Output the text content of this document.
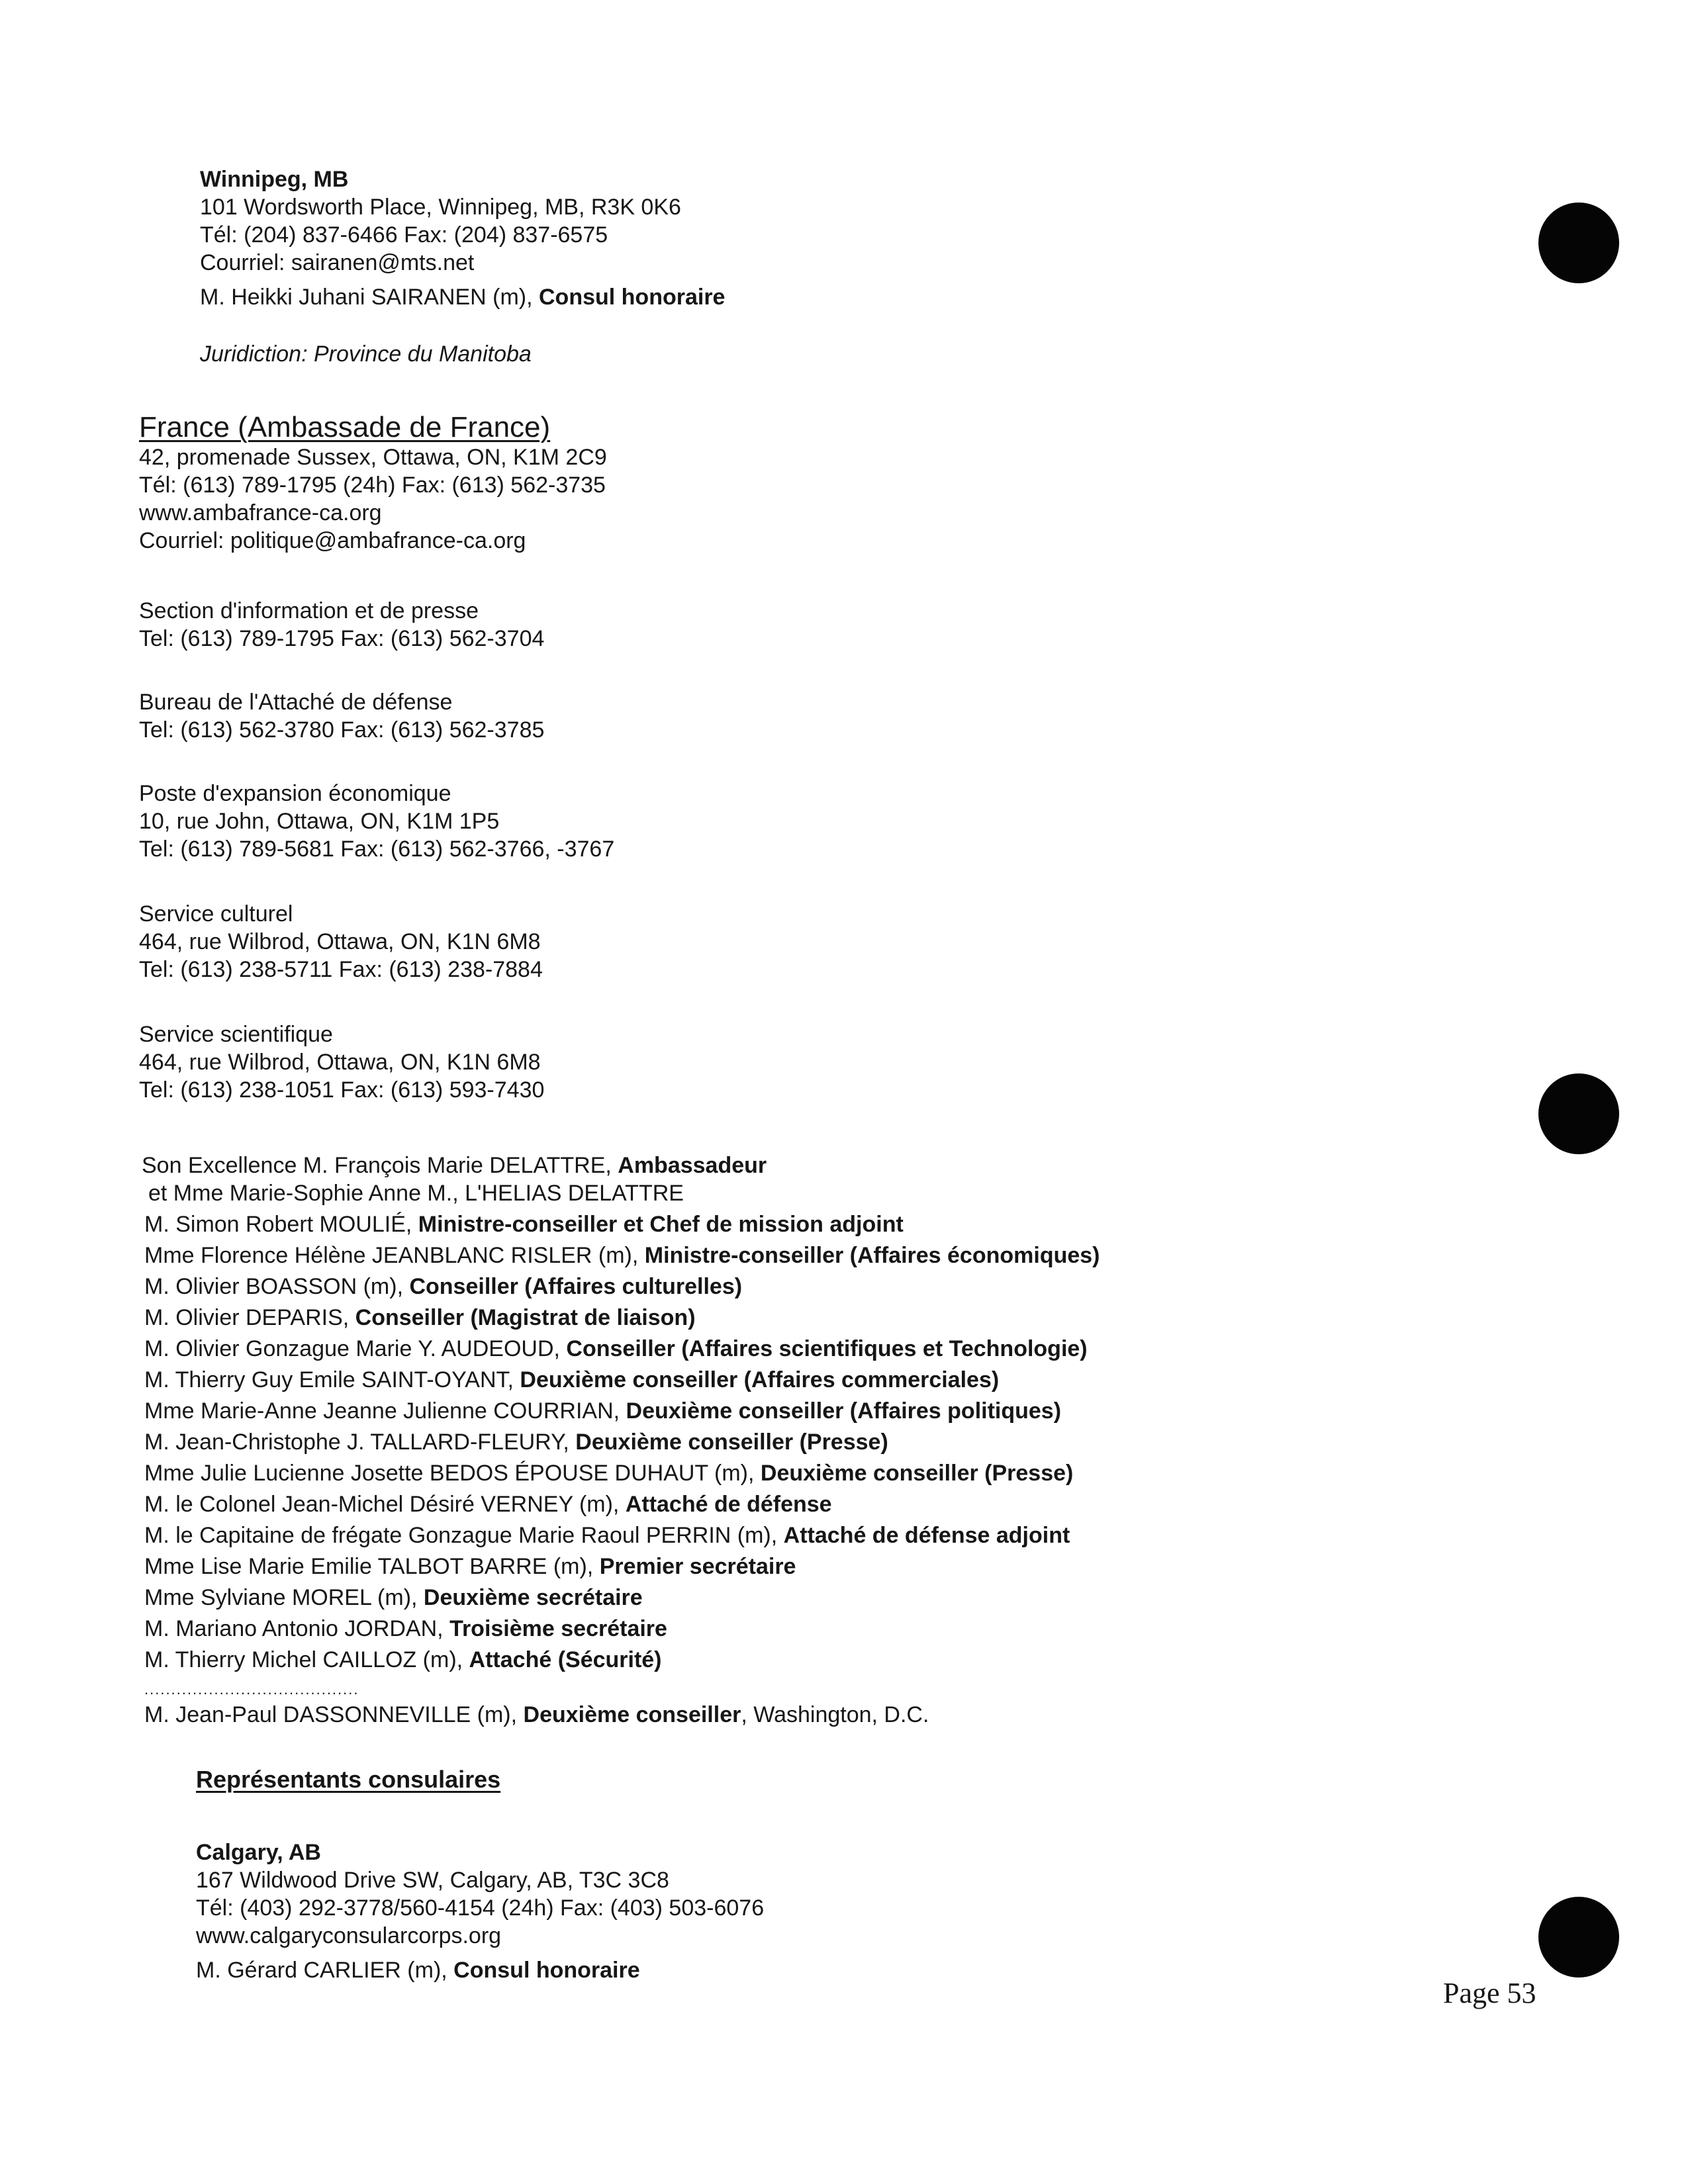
Winnipeg, MB
101 Wordsworth Place, Winnipeg, MB, R3K 0K6
Tél: (204) 837-6466 Fax: (204) 837-6575
Courriel: sairanen@mts.net
M. Heikki Juhani SAIRANEN (m), Consul honoraire
Juridiction: Province du Manitoba
France (Ambassade de France)
42, promenade Sussex, Ottawa, ON, K1M 2C9
Tél: (613) 789-1795 (24h) Fax: (613) 562-3735
www.ambafrance-ca.org
Courriel: politique@ambafrance-ca.org
Section d'information et de presse
Tel: (613) 789-1795 Fax: (613) 562-3704
Bureau de l'Attaché de défense
Tel: (613) 562-3780 Fax: (613) 562-3785
Poste d'expansion économique
10, rue John, Ottawa, ON, K1M 1P5
Tel: (613) 789-5681 Fax: (613) 562-3766, -3767
Service culturel
464, rue Wilbrod, Ottawa, ON, K1N 6M8
Tel: (613) 238-5711 Fax: (613) 238-7884
Service scientifique
464, rue Wilbrod, Ottawa, ON, K1N 6M8
Tel: (613) 238-1051 Fax: (613) 593-7430
Son Excellence M. François Marie DELATTRE, Ambassadeur
et Mme Marie-Sophie Anne M., L'HELIAS DELATTRE
M. Simon Robert MOULIÉ, Ministre-conseiller et Chef de mission adjoint
Mme Florence Hélène JEANBLANC RISLER (m), Ministre-conseiller (Affaires économiques)
M. Olivier BOASSON (m), Conseiller (Affaires culturelles)
M. Olivier DEPARIS, Conseiller (Magistrat de liaison)
M. Olivier Gonzague Marie Y. AUDEOUD, Conseiller (Affaires scientifiques et Technologie)
M. Thierry Guy Emile SAINT-OYANT, Deuxième conseiller (Affaires commerciales)
Mme Marie-Anne Jeanne Julienne COURRIAN, Deuxième conseiller (Affaires politiques)
M. Jean-Christophe J. TALLARD-FLEURY, Deuxième conseiller (Presse)
Mme Julie Lucienne Josette BEDOS ÉPOUSE DUHAUT (m), Deuxième conseiller (Presse)
M. le Colonel Jean-Michel Désiré VERNEY (m), Attaché de défense
M. le Capitaine de frégate Gonzague Marie Raoul PERRIN (m), Attaché de défense adjoint
Mme Lise Marie Emilie TALBOT BARRE (m), Premier secrétaire
Mme Sylviane MOREL (m), Deuxième secrétaire
M. Mariano Antonio JORDAN, Troisième secrétaire
M. Thierry Michel CAILLOZ (m), Attaché (Sécurité)
........................................
M. Jean-Paul DASSONNEVILLE (m), Deuxième conseiller, Washington, D.C.
Représentants consulaires
Calgary, AB
167 Wildwood Drive SW, Calgary, AB, T3C 3C8
Tél: (403) 292-3778/560-4154 (24h) Fax: (403) 503-6076
www.calgaryconsularcorps.org
M. Gérard CARLIER (m), Consul honoraire
Page 53
